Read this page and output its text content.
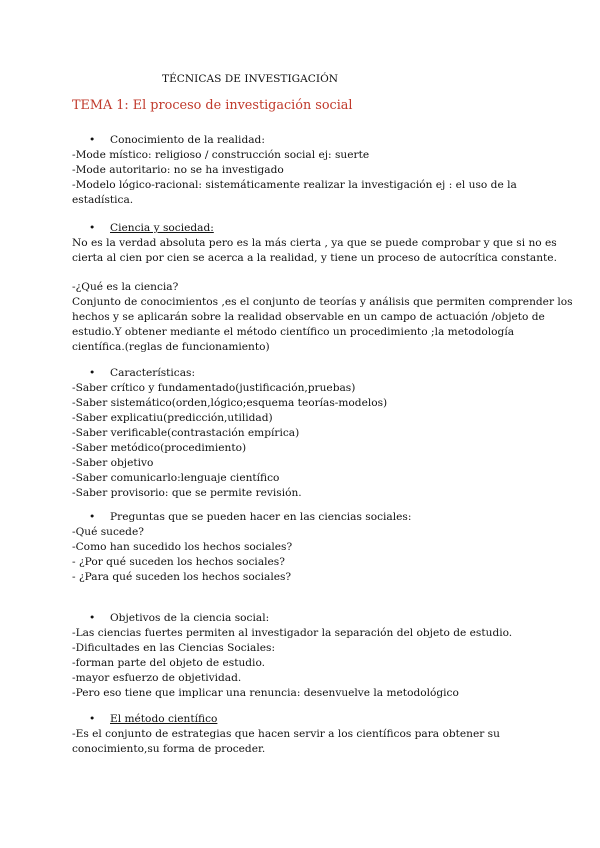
TÉCNICAS DE INVESTIGACIÓN
TEMA 1: El proceso de investigación social
• Conocimiento de la realidad:
-Mode místico: religioso / construcción social ej: suerte
-Mode autoritario: no se ha investigado
-Modelo lógico-racional: sistemáticamente realizar la investigación ej : el uso de la
estadística.
• Ciencia y sociedad:
No es la verdad absoluta pero es la más cierta , ya que se puede comprobar y que si no es
cierta al cien por cien se acerca a la realidad, y tiene un proceso de autocrítica constante.
-¿Qué es la ciencia?
Conjunto de conocimientos ,es el conjunto de teorías y análisis que permiten comprender los
hechos y se aplicarán sobre la realidad observable en un campo de actuación /objeto de
estudio.Y obtener mediante el método científico un procedimiento ;la metodología
científica.(reglas de funcionamiento)
• Características:
-Saber crítico y fundamentado(justificación,pruebas)
-Saber sistemático(orden,lógico;esquema teorías-modelos)
-Saber explicatiu(predicción,utilidad)
-Saber verificable(contrastación empírica)
-Saber metódico(procedimiento)
-Saber objetivo
-Saber comunicarlo:lenguaje científico
-Saber provisorio: que se permite revisión.
• Preguntas que se pueden hacer en las ciencias sociales:
-Qué sucede?
-Como han sucedido los hechos sociales?
- ¿Por qué suceden los hechos sociales?
- ¿Para qué suceden los hechos sociales?
• Objetivos de la ciencia social:
-Las ciencias fuertes permiten al investigador la separación del objeto de estudio.
-Dificultades en las Ciencias Sociales:
-forman parte del objeto de estudio.
-mayor esfuerzo de objetividad.
-Pero eso tiene que implicar una renuncia: desenvuelve la metodológico
• El método científico
-Es el conjunto de estrategias que hacen servir a los científicos para obtener su
conocimiento,su forma de proceder.
